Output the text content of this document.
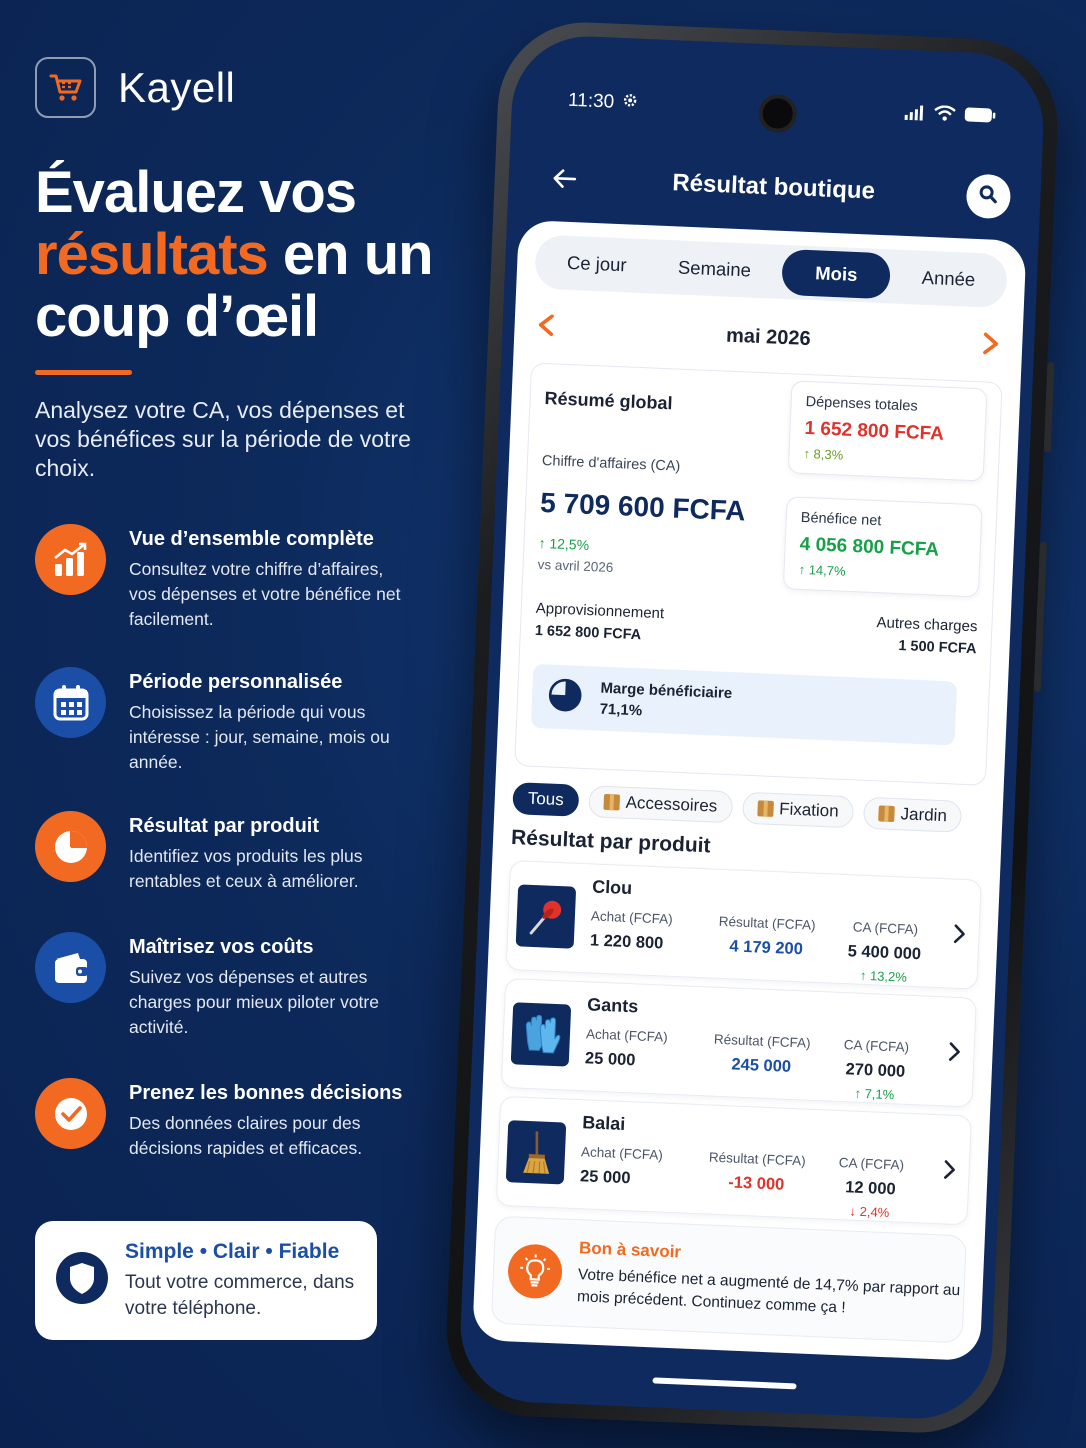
Kayell
Évaluez vos
résultats en un
coup d’œil
Analysez votre CA, vos dépenses et vos bénéfices sur la période de votre choix.
Vue d’ensemble complète
Consultez votre chiffre d’affaires, vos dépenses et votre bénéfice net facilement.
Période personnalisée
Choisissez la période qui vous intéresse : jour, semaine, mois ou année.
Résultat par produit
Identifiez vos produits les plus rentables et ceux à améliorer.
Maîtrisez vos coûts
Suivez vos dépenses et autres charges pour mieux piloter votre activité.
Prenez les bonnes décisions
Des données claires pour des décisions rapides et efficaces.
Simple • Clair • Fiable
Tout votre commerce, dans votre téléphone.
11:30
Résultat boutique
Ce jour	Semaine	Mois	Année
mai 2026
Résumé global
Chiffre d'affaires (CA)
5 709 600 FCFA
↑ 12,5%
vs avril 2026
Dépenses totales
1 652 800 FCFA
↑ 8,3%
Bénéfice net
4 056 800 FCFA
↑ 14,7%
Approvisionnement
1 652 800 FCFA	Autres charges
1 500 FCFA
Marge bénéficiaire
71,1%
Tous	Accessoires	Fixation	Jardin
Résultat par produit
Clou
Achat (FCFA)
1 220 800
Résultat (FCFA)
4 179 200
CA (FCFA)
5 400 000
↑ 13,2%
Gants
Achat (FCFA)
25 000
Résultat (FCFA)
245 000
CA (FCFA)
270 000
↑ 7,1%
Balai
Achat (FCFA)
25 000
Résultat (FCFA)
-13 000
CA (FCFA)
12 000
↓ 2,4%
Bon à savoir
Votre bénéfice net a augmenté de 14,7% par rapport au mois précédent. Continuez comme ça !
